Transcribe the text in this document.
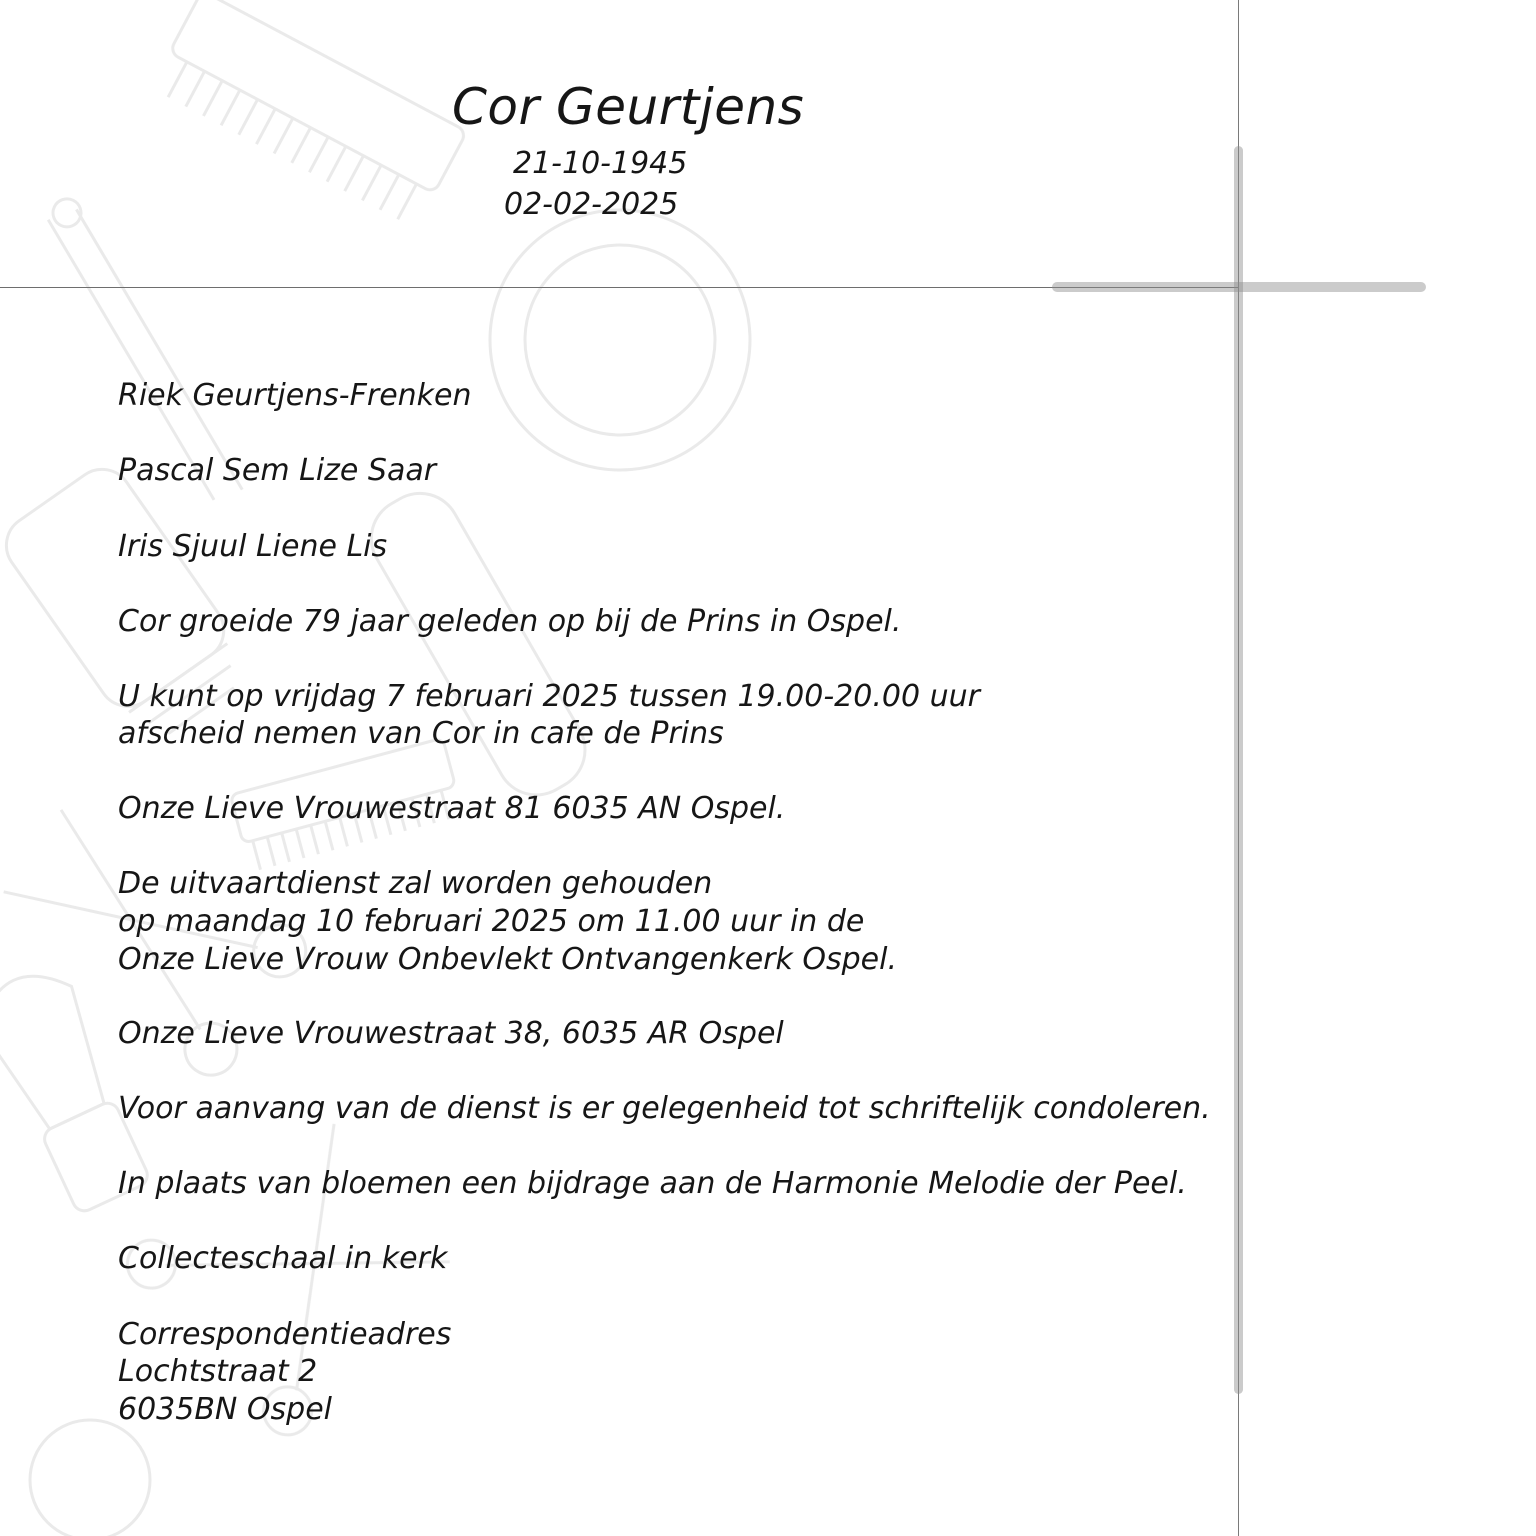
Cor Geurtjens
21-10-1945
02-02-2025

Riek Geurtjens-Frenken

Pascal Sem Lize Saar

Iris Sjuul Liene Lis

Cor groeide 79 jaar geleden op bij de Prins in Ospel.

U kunt op vrijdag 7 februari 2025 tussen 19.00-20.00 uur

afscheid nemen van Cor in cafe de Prins

Onze Lieve Vrouwestraat 81 6035 AN Ospel.

De uitvaartdienst zal worden gehouden

op maandag 10 februari 2025 om 11.00 uur in de

Onze Lieve Vrouw Onbevlekt Ontvangenkerk Ospel.

Onze Lieve Vrouwestraat 38, 6035 AR Ospel

Voor aanvang van de dienst is er gelegenheid tot schriftelijk condoleren.

In plaats van bloemen een bijdrage aan de Harmonie Melodie der Peel.

Collecteschaal in kerk

Correspondentieadres

Lochtstraat 2

6035BN Ospel
